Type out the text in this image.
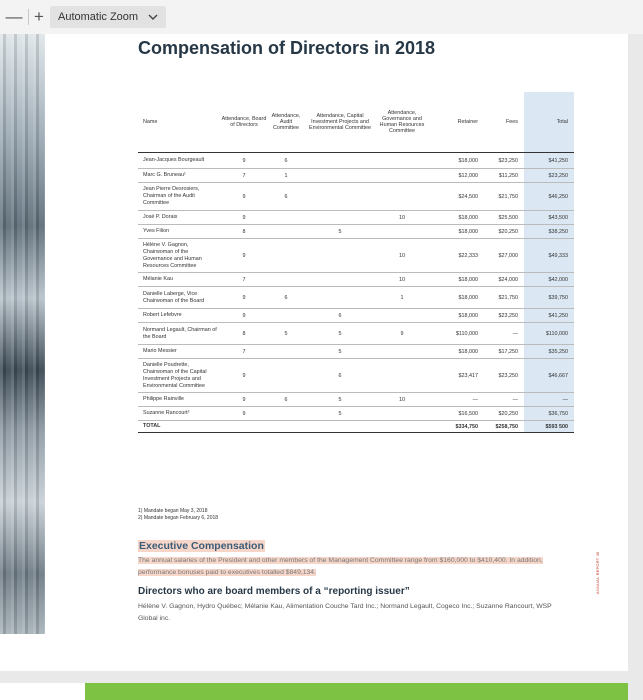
— +	Automatic Zoom
Compensation of Directors in 2018
Name	Attendance, Board of Directors	Attendance, Audit Committee	Attendance, Capital Investment Projects and Environmental Committee	Attendance, Governance and Human Resources Committee	Retainer	Fees	Total
Jean-Jacques Bourgeault	9	6			$18,000	$23,250	$41,250
Marc G. Bruneau¹	7	1			$12,000	$11,250	$23,250
Jean Pierre Desrosiers, Chairman of the Audit Committee	9	6			$24,500	$21,750	$46,250
José P. Dorais	9			10	$18,000	$25,500	$43,500
Yves Filion	8		5		$18,000	$20,250	$38,250
Hélène V. Gagnon, Chairwoman of the Governance and Human Resources Committee	9			10	$22,333	$27,000	$49,333
Mélanie Kau	7			10	$18,000	$24,000	$42,000
Danielle Laberge, Vice Chairwoman of the Board	9	6		1	$18,000	$21,750	$39,750
Robert Lefebvre	9		6		$18,000	$23,250	$41,250
Normand Legault, Chairman of the Board	8	5	5	9	$110,000	—	$110,000
Mario Messier	7		5		$18,000	$17,250	$35,250
Danielle Poudrette, Chairwoman of the Capital Investment Projects and Environmental Committee	9		6		$23,417	$23,250	$46,667
Philippe Rainville	9	6	5	10	—	—	—
Suzanne Rancourt²	9		5		$16,500	$20,250	$36,750
TOTAL					$334,750	$258,750	$593 500
1) Mandate began May 3, 2018
2) Mandate began February 6, 2018
Executive Compensation
The annual salaries of the President and other members of the Management Committee range from $160,000 to $410,400. In addition, performance bonuses paid to executives totalled $849,134.
Directors who are board members of a “reporting issuer”
Hélène V. Gagnon, Hydro Québec; Mélanie Kau, Alimentation Couche Tard Inc.; Normand Legault, Cogeco Inc.; Suzanne Rancourt, WSP Global inc.
ANNUAL REPORT 49
